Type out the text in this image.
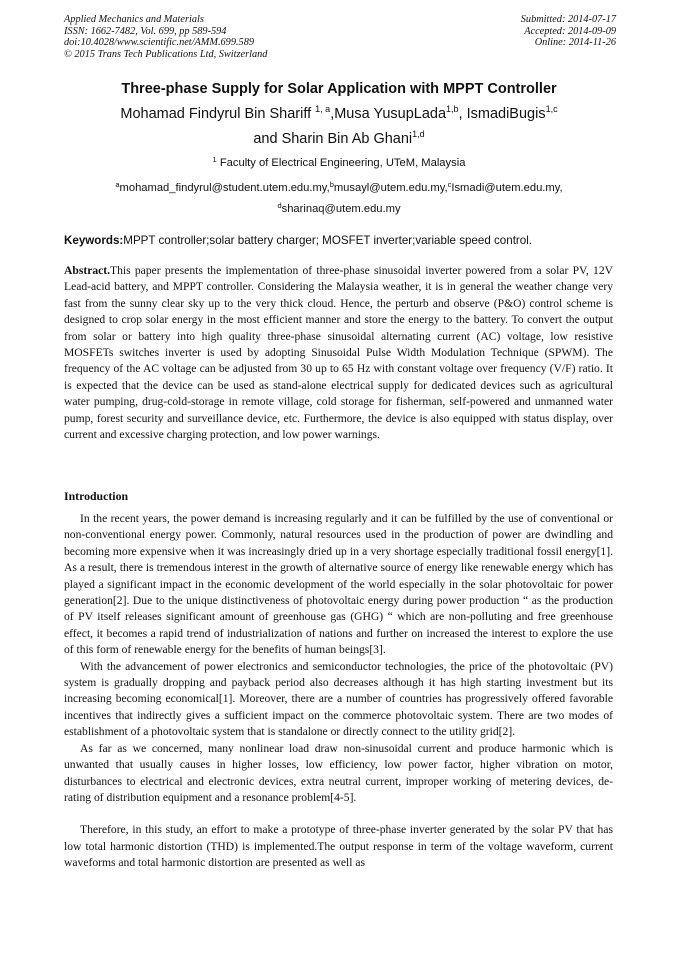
Applied Mechanics and Materials
ISSN: 1662-7482, Vol. 699, pp 589-594
doi:10.4028/www.scientific.net/AMM.699.589
© 2015 Trans Tech Publications Ltd, Switzerland
Submitted: 2014-07-17
Accepted: 2014-09-09
Online: 2014-11-26
Three-phase Supply for Solar Application with MPPT Controller
Mohamad Findyrul Bin Shariff $^{1, a}$,Musa YusupLada$^{1,b}$, IsmadiBugis$^{1,c}$
and Sharin Bin Ab Ghani$^{1,d}$
$^1$ Faculty of Electrical Engineering, UTeM, Malaysia
$^a$mohamad_findyrul@student.utem.edu.my,$^b$musayl@utem.edu.my,$^c$Ismadi@utem.edu.my,
$^d$sharinaq@utem.edu.my
Keywords:MPPT controller;solar battery charger; MOSFET inverter;variable speed control.
Abstract.This paper presents the implementation of three-phase sinusoidal inverter powered from a solar PV, 12V Lead-acid battery, and MPPT controller. Considering the Malaysia weather, it is in general the weather change very fast from the sunny clear sky up to the very thick cloud. Hence, the perturb and observe (P&O) control scheme is designed to crop solar energy in the most efficient manner and store the energy to the battery. To convert the output from solar or battery into high quality three-phase sinusoidal alternating current (AC) voltage, low resistive MOSFETs switches inverter is used by adopting Sinusoidal Pulse Width Modulation Technique (SPWM). The frequency of the AC voltage can be adjusted from 30 up to 65 Hz with constant voltage over frequency (V/F) ratio. It is expected that the device can be used as stand-alone electrical supply for dedicated devices such as agricultural water pumping, drug-cold-storage in remote village, cold storage for fisherman, self-powered and unmanned water pump, forest security and surveillance device, etc. Furthermore, the device is also equipped with status display, over current and excessive charging protection, and low power warnings.
Introduction

In the recent years, the power demand is increasing regularly and it can be fulfilled by the use of conventional or non-conventional energy power. Commonly, natural resources used in the production of power are dwindling and becoming more expensive when it was increasingly dried up in a very shortage especially traditional fossil energy[1]. As a result, there is tremendous interest in the growth of alternative source of energy like renewable energy which has played a significant impact in the economic development of the world especially in the solar photovoltaic for power generation[2]. Due to the unique distinctiveness of photovoltaic energy during power production “ as the production of PV itself releases significant amount of greenhouse gas (GHG) “ which are non-polluting and free greenhouse effect, it becomes a rapid trend of industrialization of nations and further on increased the interest to explore the use of this form of renewable energy for the benefits of human beings[3].

With the advancement of power electronics and semiconductor technologies, the price of the photovoltaic (PV) system is gradually dropping and payback period also decreases although it has high starting investment but its increasing becoming economical[1]. Moreover, there are a number of countries has progressively offered favorable incentives that indirectly gives a sufficient impact on the commerce photovoltaic system. There are two modes of establishment of a photovoltaic system that is standalone or directly connect to the utility grid[2].

As far as we concerned, many nonlinear load draw non-sinusoidal current and produce harmonic which is unwanted that usually causes in higher losses, low efficiency, low power factor, higher vibration on motor, disturbances to electrical and electronic devices, extra neutral current, improper working of metering devices, de-rating of distribution equipment and a resonance problem[4-5].

Therefore, in this study, an effort to make a prototype of three-phase inverter generated by the solar PV that has low total harmonic distortion (THD) is implemented.The output response in term of the voltage waveform, current waveforms and total harmonic distortion are presented as well as
